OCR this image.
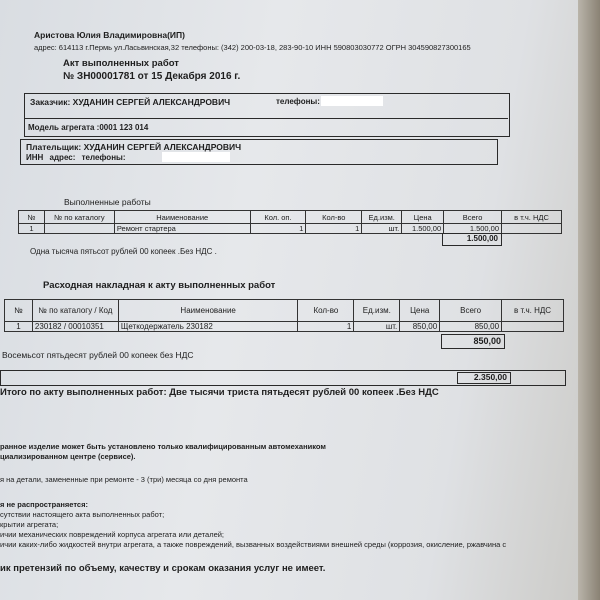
Аристова Юлия Владимировна(ИП)
адрес: 614113 г.Пермь ул.Ласьвинская,32 телефоны: (342) 200-03-18, 283-90-10 ИНН 590803030772 ОГРН 304590827300165
Акт выполненных работ
№ ЗН00001781 от 15 Декабря 2016 г.
Заказчик: ХУДАНИН СЕРГЕЙ АЛЕКСАНДРОВИЧ	телефоны:
Модель агрегата :0001 123 014
Плательщик: ХУДАНИН СЕРГЕЙ АЛЕКСАНДРОВИЧ
ИНН адрес: телефоны:
Выполненные работы
№	№ по каталогу	Наименование	Кол. оп.	Кол-во	Ед.изм.	Цена	Всего	в т.ч. НДС
1		Ремонт стартера	1	1	шт.	1.500,00	1.500,00	
1.500,00
Одна тысяча пятьсот рублей 00 копеек .Без НДС .
Расходная накладная к акту выполненных работ
№	№ по каталогу / Код	Наименование	Кол-во	Ед.изм.	Цена	Всего	в т.ч. НДС
1	230182 / 00010351	Щеткодержатель 230182	1	шт.	850,00	850,00	
850,00
Восемьсот пятьдесят рублей 00 копеек без НДС
2.350,00
Итого по акту выполненных работ: Две тысячи триста пятьдесят рублей 00 копеек .Без НДС
ранное изделие может быть установлено только квалифицированным автомехаником
циализированном центре (сервисе).
я на детали, замененные при ремонте - 3 (три) месяца со дня ремонта
я не распространяется:
сутствии настоящего акта выполненных работ;
крытии агрегата;
ичии механических повреждений корпуса агрегата или деталей;
ичии каких-либо жидкостей внутри агрегата, а также повреждений, вызванных воздействиями внешней среды (коррозия, окисление, ржавчина с
ик претензий по объему, качеству и срокам оказания услуг не имеет.
